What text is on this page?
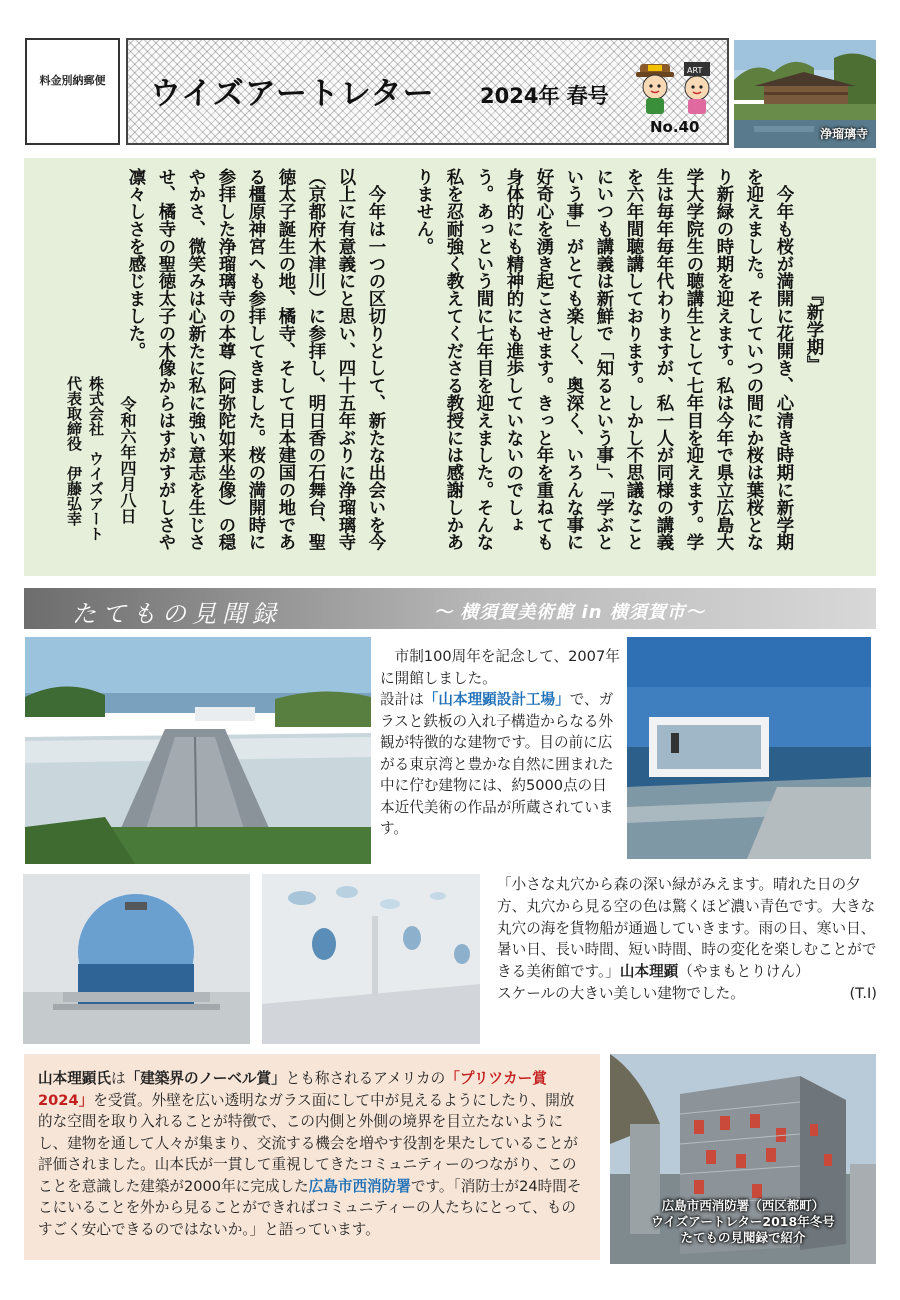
料金別納郵便	ウイズアートレター 2024年 春号
ART
No.40	浄瑠璃寺

『新学期』

　今年も桜が満開に花開き、心清き時期に新学期を迎えました。そしていつの間にか桜は葉桜となり新緑の時期を迎えます。私は今年で県立広島大学大学院生の聴講生として七年目を迎えます。学生は毎年毎年代わりますが、私一人が同様の講義を六年間聴講しております。しかし不思議なことにいつも講義は新鮮で「知るという事」、「学ぶという事」がとても楽しく、奥深く、いろんな事に好奇心を湧き起こさせます。きっと年を重ねても身体的にも精神的にも進歩していないのでしょう。あっという間に七年目を迎えました。そんな私を忍耐強く教えてくださる教授には感謝しかありません。

　今年は一つの区切りとして、新たな出会いを今以上に有意義にと思い、四十五年ぶりに浄瑠璃寺（京都府木津川）に参拝し、明日香の石舞台、聖徳太子誕生の地、橘寺、そして日本建国の地である橿原神宮へも参拝してきました。桜の満開時に参拝した浄瑠璃寺の本尊（阿弥陀如来坐像）の穏やかさ、微笑みは心新たに私に強い意志を生じさせ、橘寺の聖徳太子の木像からはすがすがしさや凛々しさを感じました。

令和六年四月八日
株式会社　ウイズアート
代表取締役　伊藤弘幸
たてもの見聞録	～ 横須賀美術館 in 横須賀市～
市制100周年を記念して、2007年に開館しました。
設計は「山本理顕設計工場」で、ガラスと鉄板の入れ子構造からなる外観が特徴的な建物です。目の前に広がる東京湾と豊かな自然に囲まれた中に佇む建物には、約5000点の日本近代美術の作品が所蔵されています。
「小さな丸穴から森の深い緑がみえます。晴れた日の夕方、丸穴から見る空の色は驚くほど濃い青色です。大きな丸穴の海を貨物船が通過していきます。雨の日、寒い日、暑い日、長い時間、短い時間、時の変化を楽しむことができる美術館です。」山本理顕（やまもとりけん）
スケールの大きい美しい建物でした。	(T.I)
山本理顕氏は「建築界のノーベル賞」とも称されるアメリカの「プリツカー賞2024」を受賞。外壁を広い透明なガラス面にして中が見えるようにしたり、開放的な空間を取り入れることが特徴で、この内側と外側の境界を目立たないようにし、建物を通して人々が集まり、交流する機会を増やす役割を果たしていることが評価されました。山本氏が一貫して重視してきたコミュニティーのつながり、このことを意識した建築が2000年に完成した広島市西消防署です。「消防士が24時間そこにいることを外から見ることができればコミュニティーの人たちにとって、ものすごく安心できるのではないか。」と語っています。
広島市西消防署（西区都町）
ウイズアートレター2018年冬号
たてもの見聞録で紹介
